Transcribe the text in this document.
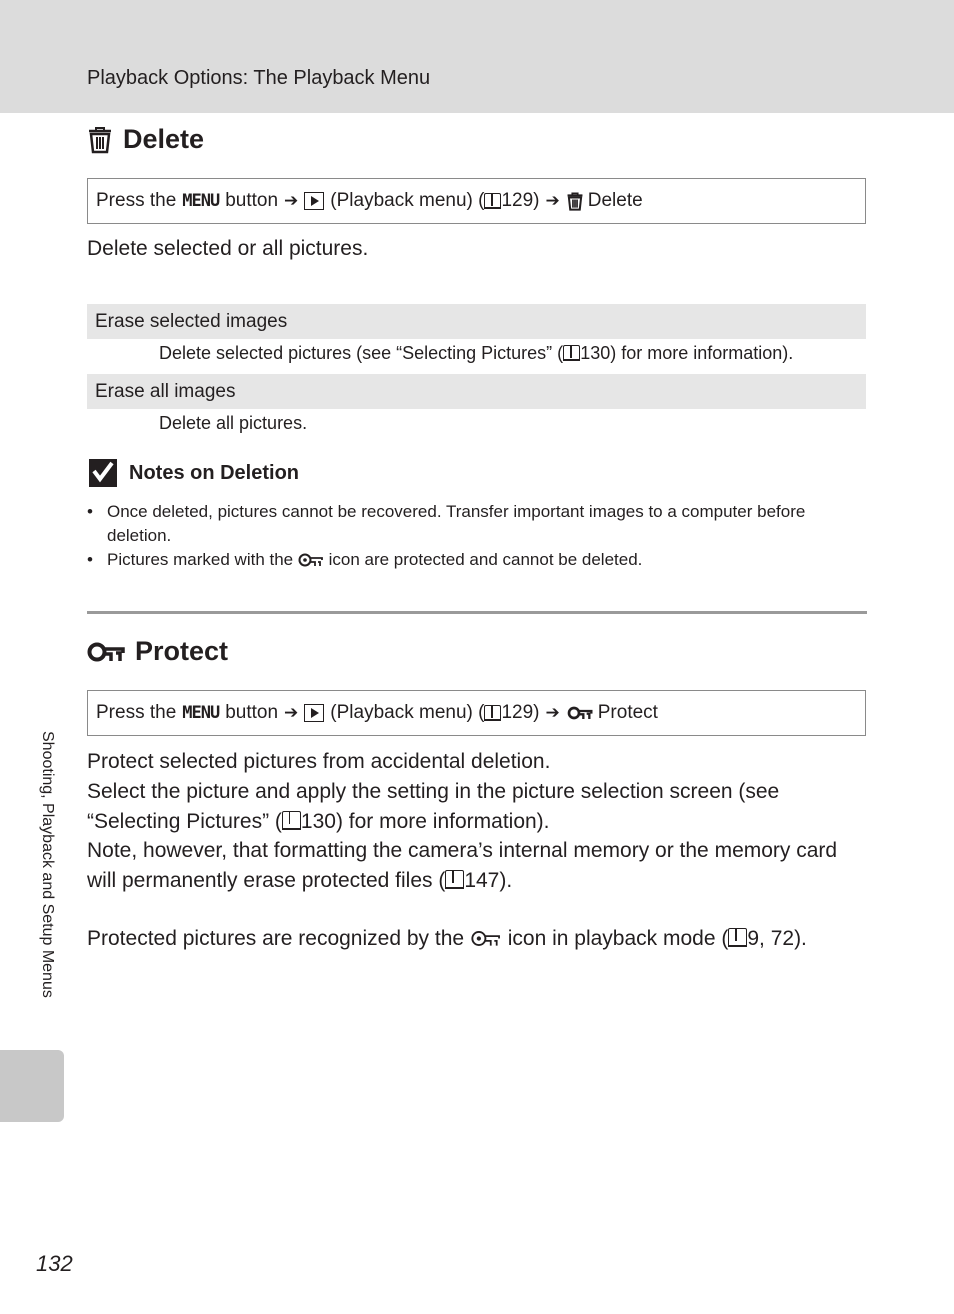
Playback Options: The Playback Menu
Delete
Press the MENU button ➔ (Playback menu) ( 129) ➔ Delete
Delete selected or all pictures.
Erase selected images
Delete selected pictures (see “Selecting Pictures” ( 130) for more information).
Erase all images
Delete all pictures.
Notes on Deletion
• Once deleted, pictures cannot be recovered. Transfer important images to a computer before deletion.
• Pictures marked with the icon are protected and cannot be deleted.
Protect
Press the MENU button ➔ (Playback menu) ( 129) ➔ Protect
Protect selected pictures from accidental deletion.
Select the picture and apply the setting in the picture selection screen (see “Selecting Pictures” ( 130) for more information).
Note, however, that formatting the camera’s internal memory or the memory card will permanently erase protected files ( 147).
Protected pictures are recognized by the icon in playback mode ( 9, 72).
Shooting, Playback and Setup Menus
132
